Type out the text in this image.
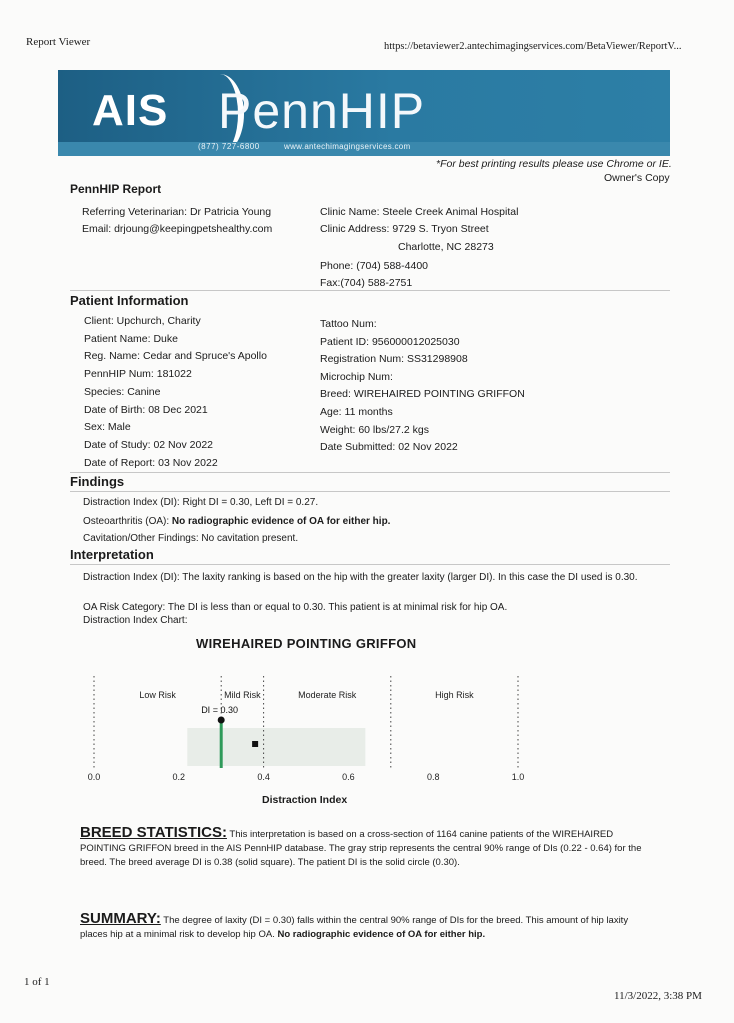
Report Viewer	https://betaviewer2.antechimagingservices.com/BetaViewer/ReportV...
1 of 1
11/3/2022, 3:38 PM
AIS PennHIP
(877) 727-6800	www.antechimagingservices.com
*For best printing results please use Chrome or IE.
Owner's Copy
PennHIP Report
Referring Veterinarian: Dr Patricia Young
Email: drjoung@keepingpetshealthy.com
Clinic Name: Steele Creek Animal Hospital
Clinic Address: 9729 S. Tryon Street
Charlotte, NC 28273
Phone: (704) 588-4400
Fax:(704) 588-2751
Patient Information
Client: Upchurch, Charity
Patient Name: Duke
Reg. Name: Cedar and Spruce's Apollo
PennHIP Num: 181022
Species: Canine
Date of Birth: 08 Dec 2021
Sex: Male
Date of Study: 02 Nov 2022
Date of Report: 03 Nov 2022
Tattoo Num:
Patient ID: 956000012025030
Registration Num: SS31298908
Microchip Num:
Breed: WIREHAIRED POINTING GRIFFON
Age: 11 months
Weight: 60 lbs/27.2 kgs
Date Submitted: 02 Nov 2022
Findings
Distraction Index (DI): Right DI = 0.30, Left DI = 0.27.
Osteoarthritis (OA): No radiographic evidence of OA for either hip.
Cavitation/Other Findings: No cavitation present.
Interpretation
Distraction Index (DI): The laxity ranking is based on the hip with the greater laxity (larger DI). In this case the DI used is 0.30.
OA Risk Category: The DI is less than or equal to 0.30. This patient is at minimal risk for hip OA.
Distraction Index Chart:
WIREHAIRED POINTING GRIFFON
Low Risk	Mild Risk	Moderate Risk	High Risk
0.0	0.2	0.4	0.6	0.8	1.0
DI = 0.30
Distraction Index
BREED STATISTICS: This interpretation is based on a cross-section of 1164 canine patients of the WIREHAIRED POINTING GRIFFON breed in the AIS PennHIP database. The gray strip represents the central 90% range of DIs (0.22 - 0.64) for the breed. The breed average DI is 0.38 (solid square). The patient DI is the solid circle (0.30).
SUMMARY: The degree of laxity (DI = 0.30) falls within the central 90% range of DIs for the breed. This amount of hip laxity places hip at a minimal risk to develop hip OA. No radiographic evidence of OA for either hip.
